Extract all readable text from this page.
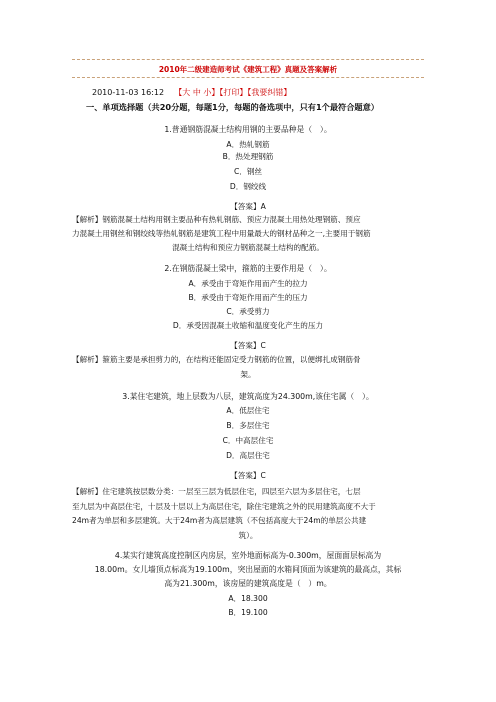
2010年二级建造师考试《建筑工程》真题及答案解析
2010-11-03 16:12 【大 中 小】【打印】【我要纠错】
一、单项选择题（共20分题，每题1分，每题的备选项中，只有1个最符合题意）
1.普通钢筋混凝土结构用钢的主要品种是（　）。
A．热轧钢筋
B．热处理钢筋
C．钢丝
D．钢绞线
【答案】A
【解析】钢筋混凝土结构用钢主要品种有热轧钢筋、预应力混凝土用热处理钢筋、预应
力混凝土用钢丝和钢绞线等热轧钢筋是建筑工程中用量最大的钢材品种之一,主要用于钢筋
混凝土结构和预应力钢筋混凝土结构的配筋。
2.在钢筋混凝土梁中，箍筋的主要作用是（　）。
A．承受由于弯矩作用而产生的拉力
B．承受由于弯矩作用而产生的压力
C．承受剪力
D．承受因混凝土收缩和温度变化产生的压力
【答案】C
【解析】箍筋主要是承担剪力的，在结构还能固定受力钢筋的位置，以便绑扎成钢筋骨
架。
3.某住宅建筑，地上层数为八层，建筑高度为24.300m,该住宅属（　）。
A．低层住宅
B．多层住宅
C．中高层住宅
D．高层住宅
【答案】C
【解析】住宅建筑按层数分类：一层至三层为低层住宅，四层至六层为多层住宅，七层
至九层为中高层住宅，十层及十层以上为高层住宅，除住宅建筑之外的民用建筑高度不大于
24m者为单层和多层建筑。大于24m者为高层建筑（不包括高度大于24m的单层公共建
筑）。
4.某实行建筑高度控制区内房层，室外地面标高为-0.300m，屋面面层标高为
18.00m。女儿墙顶点标高为19.100m，突出屋面的水箱间顶面为该建筑的最高点，其标
高为21.300m，该房屋的建筑高度是（　）m。
A．18.300
B．19.100
